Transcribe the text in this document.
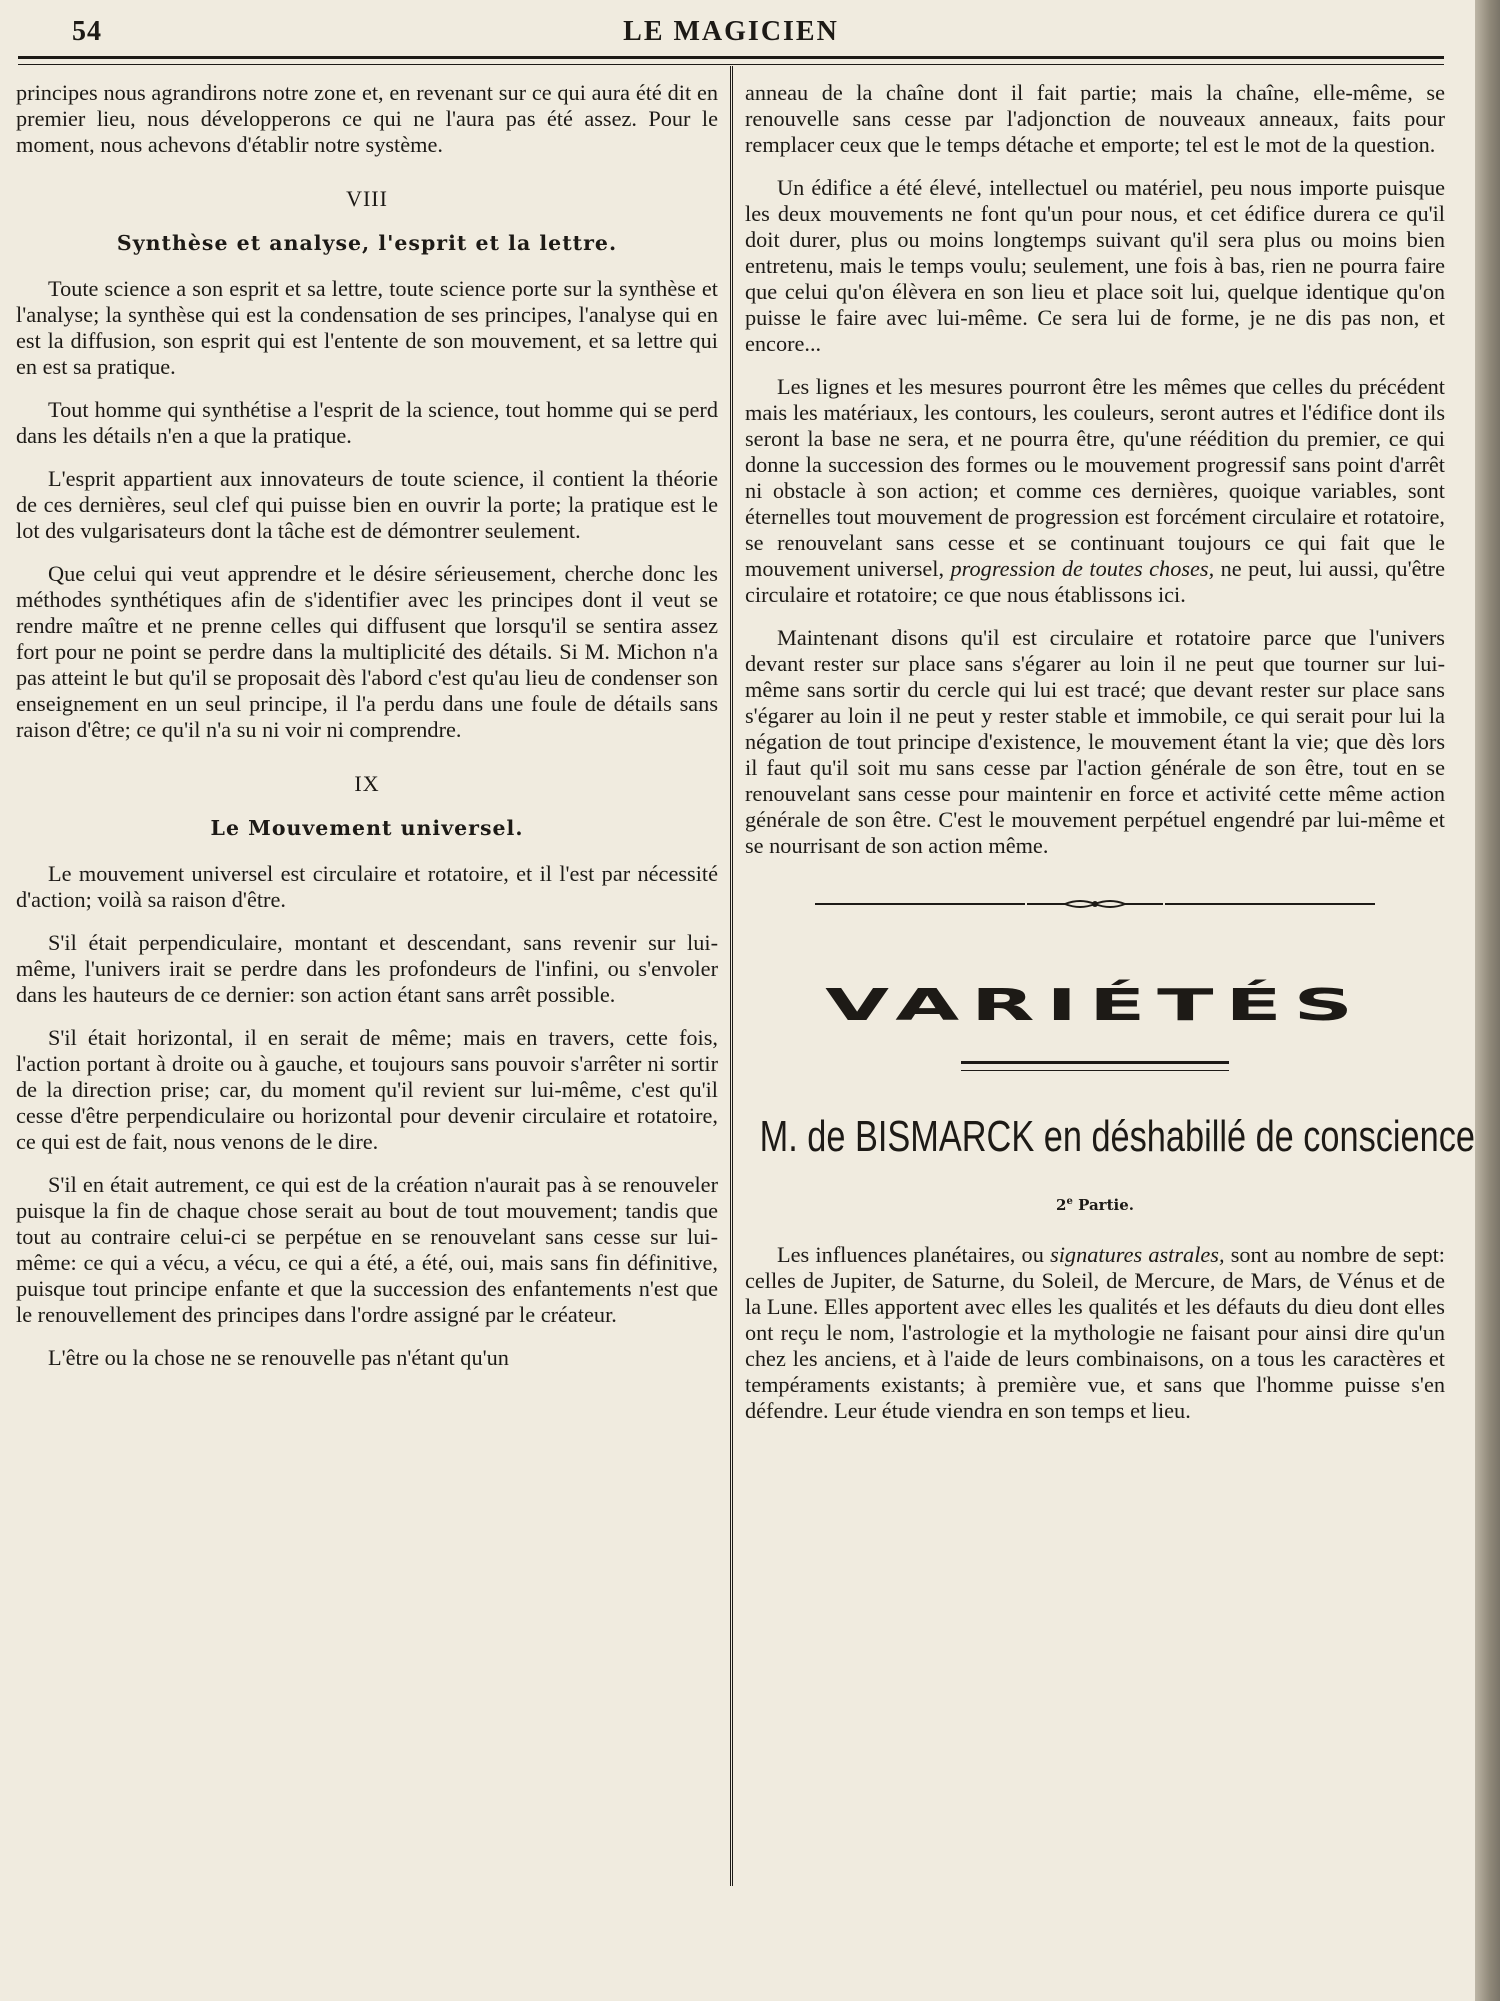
54	LE MAGICIEN

principes nous agrandirons notre zone et, en revenant sur ce qui aura été dit en premier lieu, nous développerons ce qui ne l'aura pas été assez. Pour le moment, nous achevons d'établir notre système.

VIII
Synthèse et analyse, l'esprit et la lettre.

Toute science a son esprit et sa lettre, toute science porte sur la synthèse et l'analyse; la synthèse qui est la condensation de ses principes, l'analyse qui en est la diffusion, son esprit qui est l'entente de son mouvement, et sa lettre qui en est sa pratique.

Tout homme qui synthétise a l'esprit de la science, tout homme qui se perd dans les détails n'en a que la pratique.

L'esprit appartient aux innovateurs de toute science, il contient la théorie de ces dernières, seul clef qui puisse bien en ouvrir la porte; la pratique est le lot des vulgarisateurs dont la tâche est de démontrer seulement.

Que celui qui veut apprendre et le désire sérieusement, cherche donc les méthodes synthétiques afin de s'identifier avec les principes dont il veut se rendre maître et ne prenne celles qui diffusent que lorsqu'il se sentira assez fort pour ne point se perdre dans la multiplicité des détails. Si M. Michon n'a pas atteint le but qu'il se proposait dès l'abord c'est qu'au lieu de condenser son enseignement en un seul principe, il l'a perdu dans une foule de détails sans raison d'être; ce qu'il n'a su ni voir ni comprendre.

IX
Le Mouvement universel.

Le mouvement universel est circulaire et rotatoire, et il l'est par nécessité d'action; voilà sa raison d'être.

S'il était perpendiculaire, montant et descendant, sans revenir sur lui-même, l'univers irait se perdre dans les profondeurs de l'infini, ou s'envoler dans les hauteurs de ce dernier: son action étant sans arrêt possible.

S'il était horizontal, il en serait de même; mais en travers, cette fois, l'action portant à droite ou à gauche, et toujours sans pouvoir s'arrêter ni sortir de la direction prise; car, du moment qu'il revient sur lui-même, c'est qu'il cesse d'être perpendiculaire ou horizontal pour devenir circulaire et rotatoire, ce qui est de fait, nous venons de le dire.

S'il en était autrement, ce qui est de la création n'aurait pas à se renouveler puisque la fin de chaque chose serait au bout de tout mouvement; tandis que tout au contraire celui-ci se perpétue en se renouvelant sans cesse sur lui-même: ce qui a vécu, a vécu, ce qui a été, a été, oui, mais sans fin définitive, puisque tout principe enfante et que la succession des enfantements n'est que le renouvellement des principes dans l'ordre assigné par le créateur.

L'être ou la chose ne se renouvelle pas n'étant qu'un

anneau de la chaîne dont il fait partie; mais la chaîne, elle-même, se renouvelle sans cesse par l'adjonction de nouveaux anneaux, faits pour remplacer ceux que le temps détache et emporte; tel est le mot de la question.

Un édifice a été élevé, intellectuel ou matériel, peu nous importe puisque les deux mouvements ne font qu'un pour nous, et cet édifice durera ce qu'il doit durer, plus ou moins longtemps suivant qu'il sera plus ou moins bien entretenu, mais le temps voulu; seulement, une fois à bas, rien ne pourra faire que celui qu'on élèvera en son lieu et place soit lui, quelque identique qu'on puisse le faire avec lui-même. Ce sera lui de forme, je ne dis pas non, et encore...

Les lignes et les mesures pourront être les mêmes que celles du précédent mais les matériaux, les contours, les couleurs, seront autres et l'édifice dont ils seront la base ne sera, et ne pourra être, qu'une réédition du premier, ce qui donne la succession des formes ou le mouvement progressif sans point d'arrêt ni obstacle à son action; et comme ces dernières, quoique variables, sont éternelles tout mouvement de progression est forcément circulaire et rotatoire, se renouvelant sans cesse et se continuant toujours ce qui fait que le mouvement universel, progression de toutes choses, ne peut, lui aussi, qu'être circulaire et rotatoire; ce que nous établissons ici.

Maintenant disons qu'il est circulaire et rotatoire parce que l'univers devant rester sur place sans s'égarer au loin il ne peut que tourner sur lui-même sans sortir du cercle qui lui est tracé; que devant rester sur place sans s'égarer au loin il ne peut y rester stable et immobile, ce qui serait pour lui la négation de tout principe d'existence, le mouvement étant la vie; que dès lors il faut qu'il soit mu sans cesse par l'action générale de son être, tout en se renouvelant sans cesse pour maintenir en force et activité cette même action générale de son être. C'est le mouvement perpétuel engendré par lui-même et se nourrisant de son action même.

VARIÉTÉS
M. de BISMARCK en déshabillé de conscience
2e Partie.

Les influences planétaires, ou signatures astrales, sont au nombre de sept: celles de Jupiter, de Saturne, du Soleil, de Mercure, de Mars, de Vénus et de la Lune. Elles apportent avec elles les qualités et les défauts du dieu dont elles ont reçu le nom, l'astrologie et la mythologie ne faisant pour ainsi dire qu'un chez les anciens, et à l'aide de leurs combinaisons, on a tous les caractères et tempéraments existants; à première vue, et sans que l'homme puisse s'en défendre. Leur étude viendra en son temps et lieu.
